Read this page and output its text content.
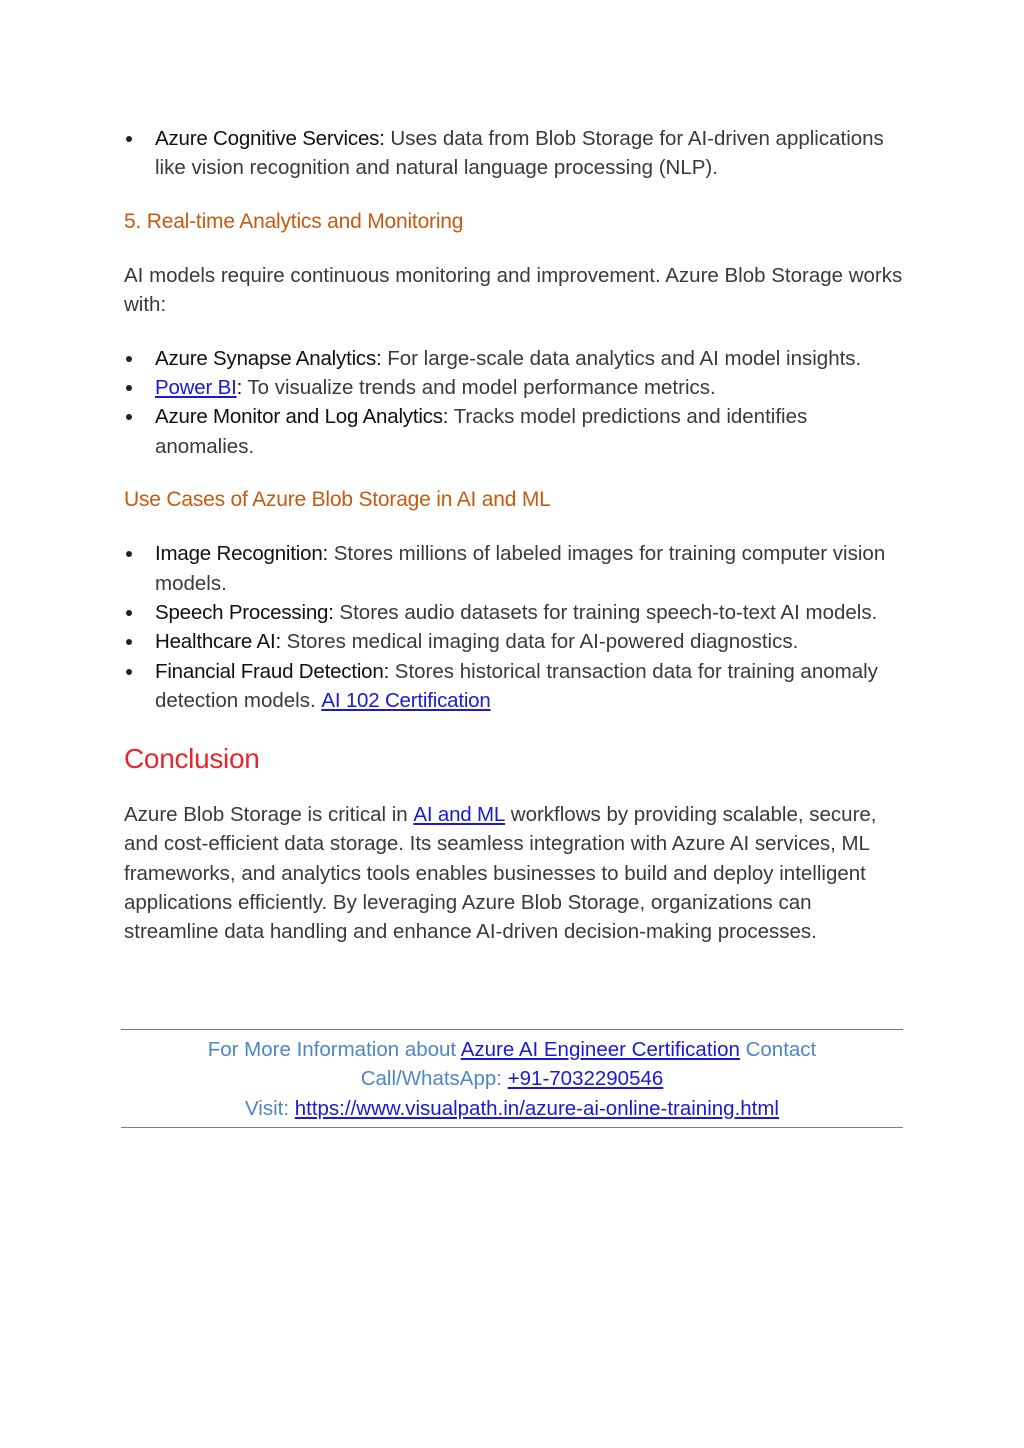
Azure Cognitive Services: Uses data from Blob Storage for AI-driven applications like vision recognition and natural language processing (NLP).
5. Real-time Analytics and Monitoring

AI models require continuous monitoring and improvement. Azure Blob Storage works with:

Azure Synapse Analytics: For large-scale data analytics and AI model insights.
Power BI: To visualize trends and model performance metrics.
Azure Monitor and Log Analytics: Tracks model predictions and identifies anomalies.
Use Cases of Azure Blob Storage in AI and ML
Image Recognition: Stores millions of labeled images for training computer vision models.
Speech Processing: Stores audio datasets for training speech-to-text AI models.
Healthcare AI: Stores medical imaging data for AI-powered diagnostics.
Financial Fraud Detection: Stores historical transaction data for training anomaly detection models. AI 102 Certification
Conclusion

Azure Blob Storage is critical in AI and ML workflows by providing scalable, secure, and cost-efficient data storage. Its seamless integration with Azure AI services, ML frameworks, and analytics tools enables businesses to build and deploy intelligent applications efficiently. By leveraging Azure Blob Storage, organizations can streamline data handling and enhance AI-driven decision-making processes.

For More Information about Azure AI Engineer Certification Contact
Call/WhatsApp: +91-7032290546
Visit: https://www.visualpath.in/azure-ai-online-training.html
